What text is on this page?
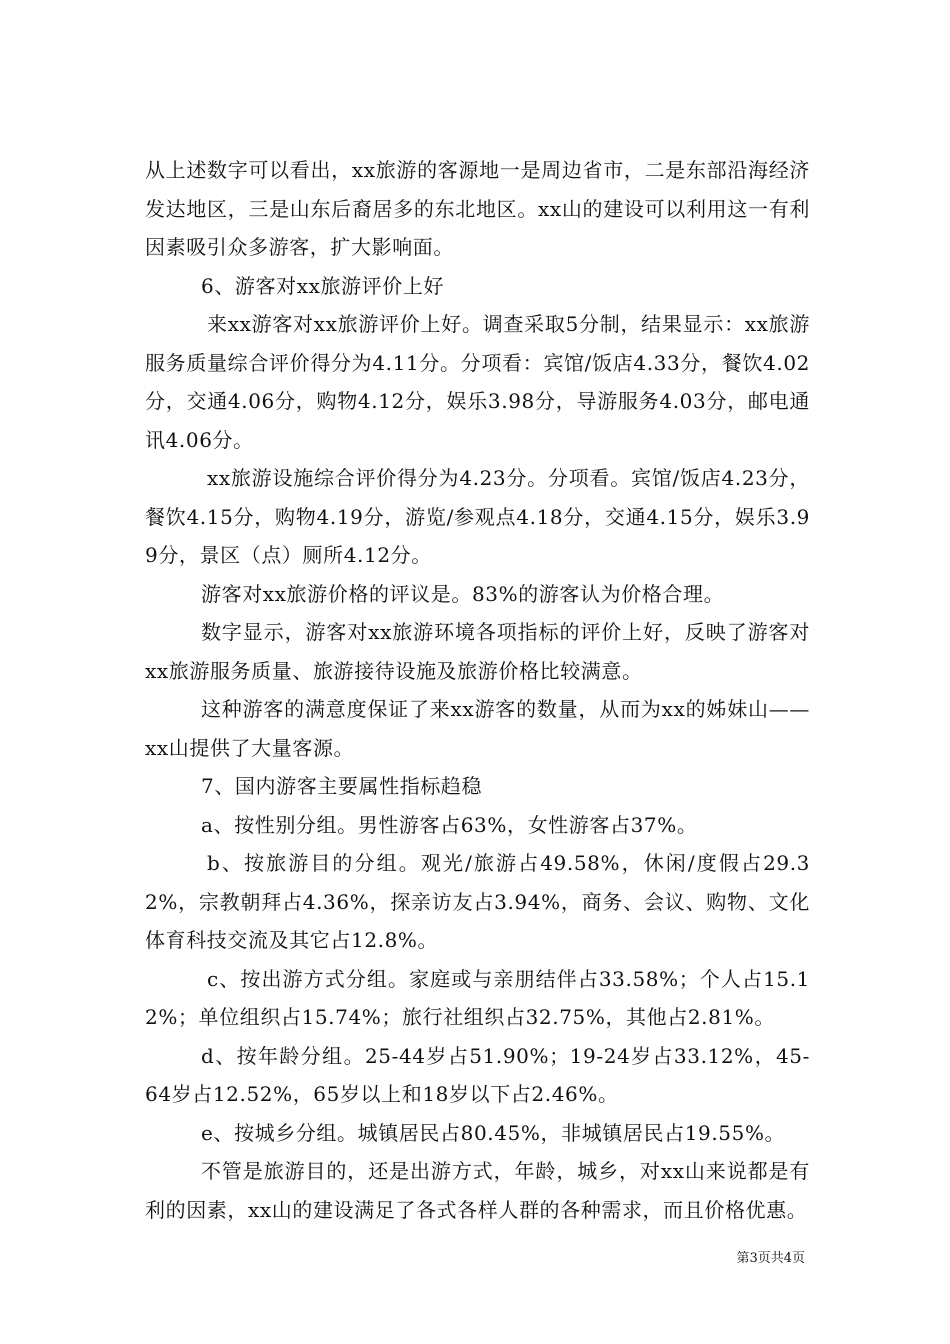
从上述数字可以看出，xx旅游的客源地一是周边省市，二是东部沿海经济发达地区，三是山东后裔居多的东北地区。xx山的建设可以利用这一有利因素吸引众多游客，扩大影响面。

6、游客对xx旅游评价上好

来xx游客对xx旅游评价上好。调查采取5分制，结果显示：xx旅游服务质量综合评价得分为4.11分。分项看：宾馆/饭店4.33分，餐饮4.02分，交通4.06分，购物4.12分，娱乐3.98分，导游服务4.03分，邮电通讯4.06分。

xx旅游设施综合评价得分为4.23分。分项看。宾馆/饭店4.23分，餐饮4.15分，购物4.19分，游览/参观点4.18分，交通4.15分，娱乐3.99分，景区（点）厕所4.12分。

游客对xx旅游价格的评议是。83%的游客认为价格合理。

数字显示，游客对xx旅游环境各项指标的评价上好，反映了游客对xx旅游服务质量、旅游接待设施及旅游价格比较满意。

这种游客的满意度保证了来xx游客的数量，从而为xx的姊妹山——xx山提供了大量客源。

7、国内游客主要属性指标趋稳

a、按性别分组。男性游客占63%，女性游客占37%。

b、按旅游目的分组。观光/旅游占49.58%，休闲/度假占29.32%，宗教朝拜占4.36%，探亲访友占3.94%，商务、会议、购物、文化体育科技交流及其它占12.8%。

c、按出游方式分组。家庭或与亲朋结伴占33.58%；个人占15.12%；单位组织占15.74%；旅行社组织占32.75%，其他占2.81%。

d、按年龄分组。25-44岁占51.90%；19-24岁占33.12%，45-64岁占12.52%，65岁以上和18岁以下占2.46%。

e、按城乡分组。城镇居民占80.45%，非城镇居民占19.55%。

不管是旅游目的，还是出游方式，年龄，城乡，对xx山来说都是有利的因素，xx山的建设满足了各式各样人群的各种需求，而且价格优惠。

第3页共4页
